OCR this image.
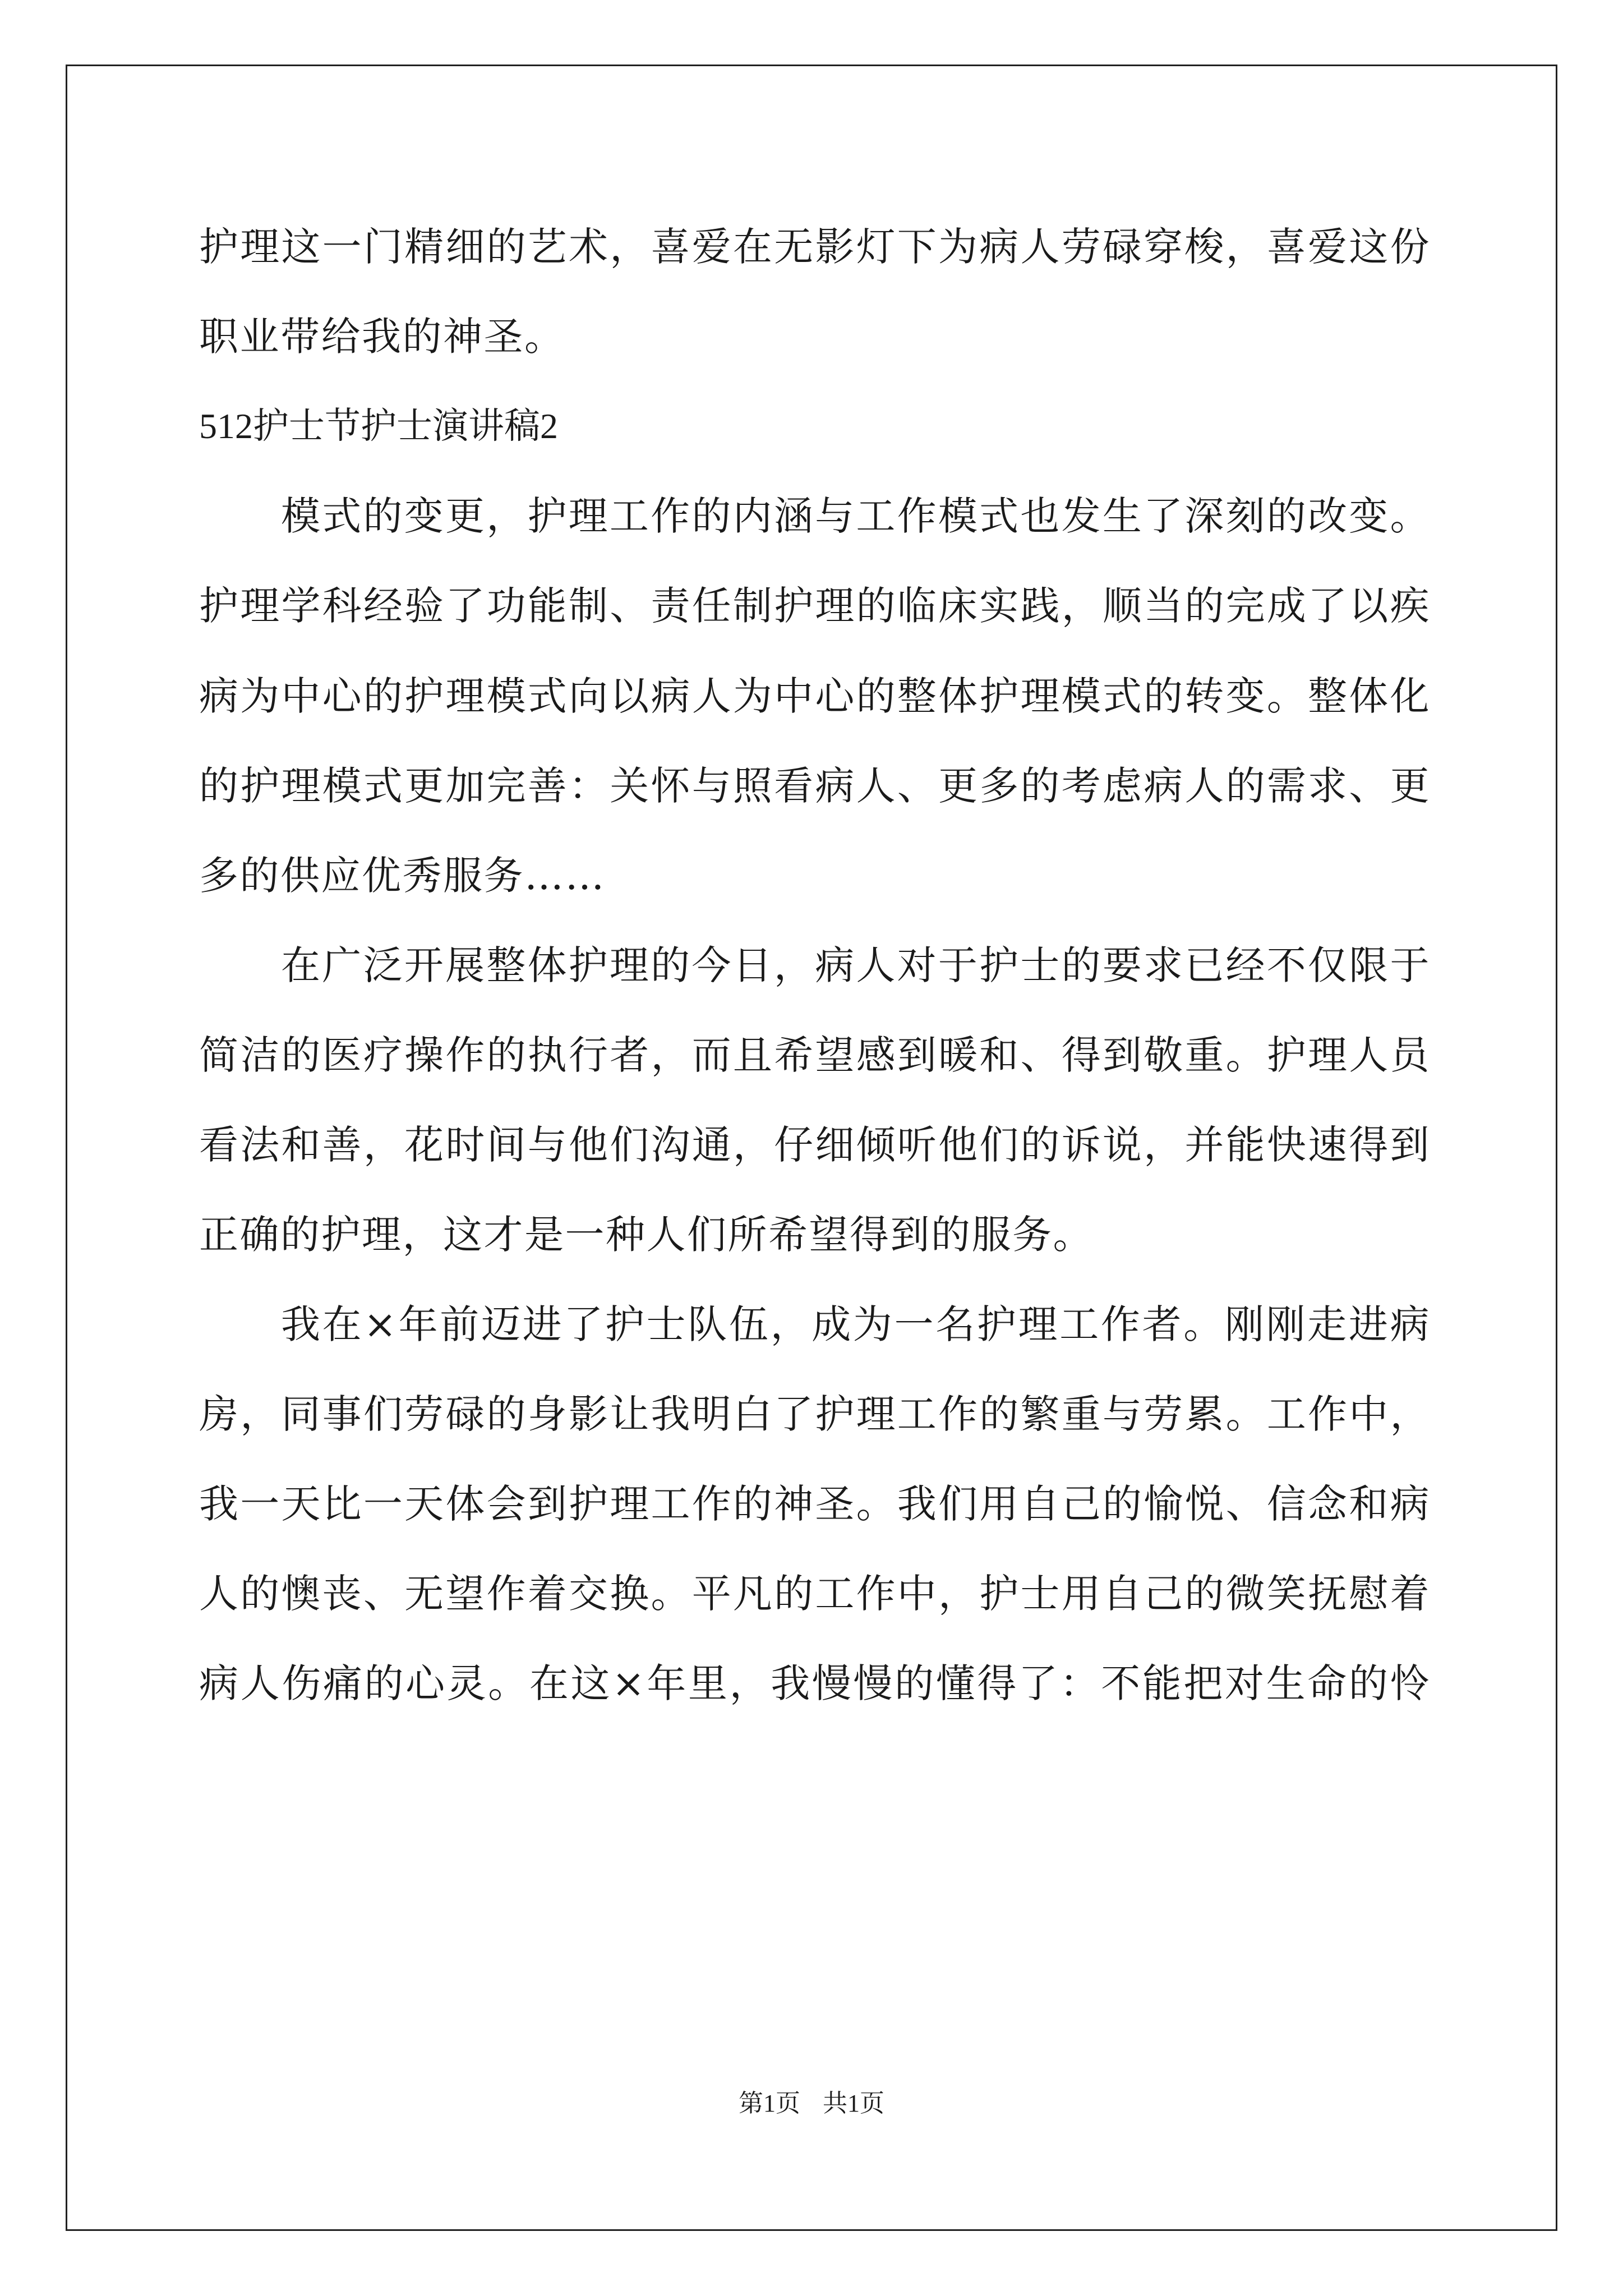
护理这一门精细的艺术，喜爱在无影灯下为病人劳碌穿梭，喜爱这份
职业带给我的神圣。
512护士节护士演讲稿2
模式的变更，护理工作的内涵与工作模式也发生了深刻的改变。
护理学科经验了功能制、责任制护理的临床实践，顺当的完成了以疾
病为中心的护理模式向以病人为中心的整体护理模式的转变。整体化
的护理模式更加完善：关怀与照看病人、更多的考虑病人的需求、更
多的供应优秀服务……
在广泛开展整体护理的今日，病人对于护士的要求已经不仅限于
简洁的医疗操作的执行者，而且希望感到暖和、得到敬重。护理人员
看法和善，花时间与他们沟通，仔细倾听他们的诉说，并能快速得到
正确的护理，这才是一种人们所希望得到的服务。
我在×年前迈进了护士队伍，成为一名护理工作者。刚刚走进病
房，同事们劳碌的身影让我明白了护理工作的繁重与劳累。工作中，
我一天比一天体会到护理工作的神圣。我们用自己的愉悦、信念和病
人的懊丧、无望作着交换。平凡的工作中，护士用自己的微笑抚慰着
病人伤痛的心灵。在这×年里，我慢慢的懂得了：不能把对生命的怜
第1页 共1页
